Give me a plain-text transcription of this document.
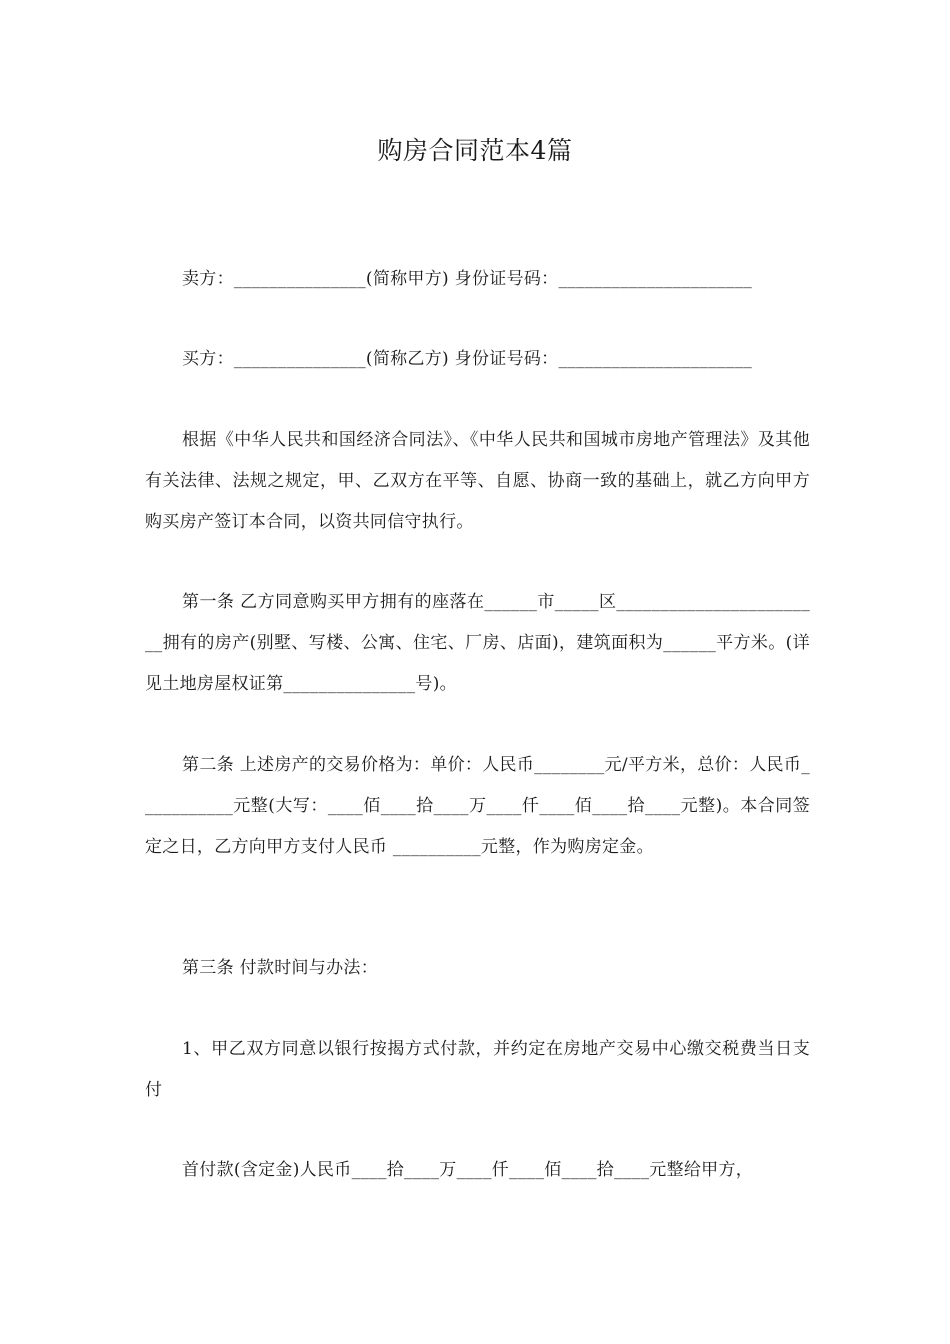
购房合同范本4篇
卖方：_______________(简称甲方) 身份证号码：______________________
买方：_______________(简称乙方) 身份证号码：______________________
根据《中华人民共和国经济合同法》、《中华人民共和国城市房地产管理法》及其他有关法律、法规之规定，甲、乙双方在平等、自愿、协商一致的基础上，就乙方向甲方购买房产签订本合同，以资共同信守执行。
第一条 乙方同意购买甲方拥有的座落在______市_____区________________________拥有的房产(别墅、写楼、公寓、住宅、厂房、店面)，建筑面积为______平方米。(详见土地房屋权证第_______________号)。
第二条 上述房产的交易价格为：单价：人民币________元/平方米，总价：人民币___________元整(大写：____佰____拾____万____仟____佰____拾____元整)。本合同签定之日，乙方向甲方支付人民币 __________元整，作为购房定金。
第三条 付款时间与办法：
1、甲乙双方同意以银行按揭方式付款，并约定在房地产交易中心缴交税费当日支付
首付款(含定金)人民币____拾____万____仟____佰____拾____元整给甲方，
